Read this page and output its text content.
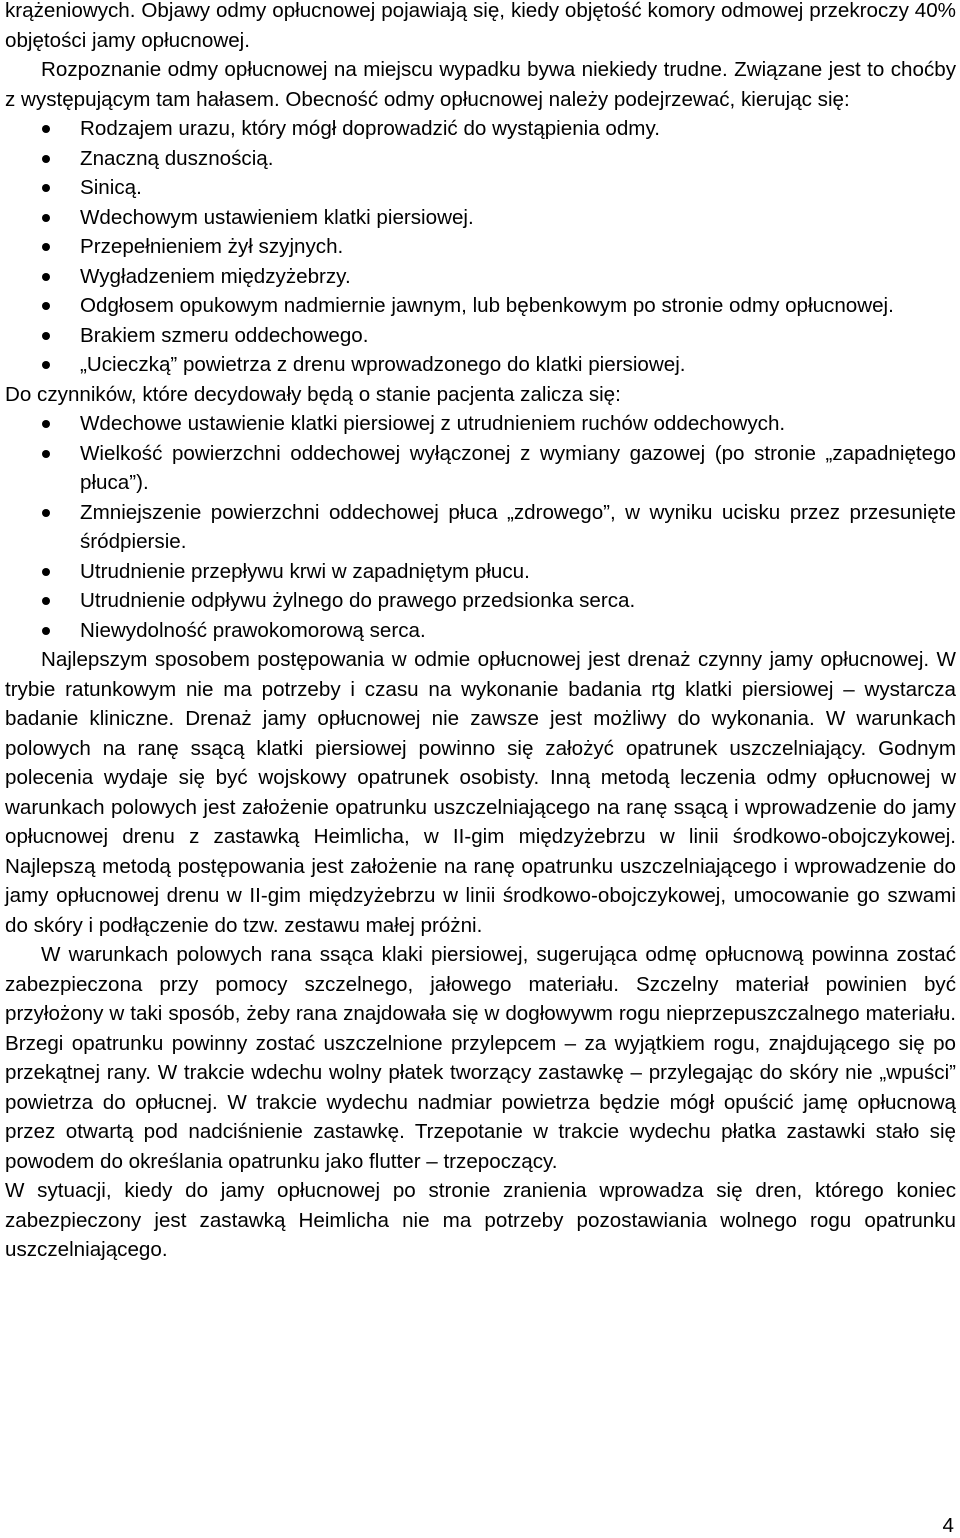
krążeniowych. Objawy odmy opłucnowej pojawiają się, kiedy objętość komory odmowej przekroczy 40% objętości jamy opłucnowej.

Rozpoznanie odmy opłucnowej na miejscu wypadku bywa niekiedy trudne. Związane jest to choćby z występującym tam hałasem. Obecność odmy opłucnowej należy podejrzewać, kierując się:

Rodzajem urazu, który mógł doprowadzić do wystąpienia odmy.
Znaczną dusznością.
Sinicą.
Wdechowym ustawieniem klatki piersiowej.
Przepełnieniem żył szyjnych.
Wygładzeniem międzyżebrzy.
Odgłosem opukowym nadmiernie jawnym, lub bębenkowym po stronie odmy opłucnowej.
Brakiem szmeru oddechowego.
„Ucieczką” powietrza z drenu wprowadzonego do klatki piersiowej.

Do czynników, które decydowały będą o stanie pacjenta zalicza się:

Wdechowe ustawienie klatki piersiowej z utrudnieniem ruchów oddechowych.
Wielkość powierzchni oddechowej wyłączonej z wymiany gazowej (po stronie „zapadniętego płuca”).
Zmniejszenie powierzchni oddechowej płuca „zdrowego”, w wyniku ucisku przez przesunięte śródpiersie.
Utrudnienie przepływu krwi w zapadniętym płucu.
Utrudnienie odpływu żylnego do prawego przedsionka serca.
Niewydolność prawokomorową serca.

Najlepszym sposobem postępowania w odmie opłucnowej jest drenaż czynny jamy opłucnowej. W trybie ratunkowym nie ma potrzeby i czasu na wykonanie badania rtg klatki piersiowej – wystarcza badanie kliniczne. Drenaż jamy opłucnowej nie zawsze jest możliwy do wykonania. W warunkach polowych na ranę ssącą klatki piersiowej powinno się założyć opatrunek uszczelniający. Godnym polecenia wydaje się być wojskowy opatrunek osobisty. Inną metodą leczenia odmy opłucnowej w warunkach polowych jest założenie opatrunku uszczelniającego na ranę ssącą i wprowadzenie do jamy opłucnowej drenu z zastawką Heimlicha, w II-gim międzyżebrzu w linii środkowo-obojczykowej. Najlepszą metodą postępowania jest założenie na ranę opatrunku uszczelniającego i wprowadzenie do jamy opłucnowej drenu w II-gim międzyżebrzu w linii środkowo-obojczykowej, umocowanie go szwami do skóry i podłączenie do tzw. zestawu małej próżni.

W warunkach polowych rana ssąca klaki piersiowej, sugerująca odmę opłucnową powinna zostać zabezpieczona przy pomocy szczelnego, jałowego materiału. Szczelny materiał powinien być przyłożony w taki sposób, żeby rana znajdowała się w dogłowywm rogu nieprzepuszczalnego materiału. Brzegi opatrunku powinny zostać uszczelnione przylepcem – za wyjątkiem rogu, znajdującego się po przekątnej rany. W trakcie wdechu wolny płatek tworzący zastawkę – przylegając do skóry nie „wpuści” powietrza do opłucnej. W trakcie wydechu nadmiar powietrza będzie mógł opuścić jamę opłucnową przez otwartą pod nadciśnienie zastawkę. Trzepotanie w trakcie wydechu płatka zastawki stało się powodem do określania opatrunku jako flutter – trzepoczący.

W sytuacji, kiedy do jamy opłucnowej po stronie zranienia wprowadza się dren, którego koniec zabezpieczony jest zastawką Heimlicha nie ma potrzeby pozostawiania wolnego rogu opatrunku uszczelniającego.

4
